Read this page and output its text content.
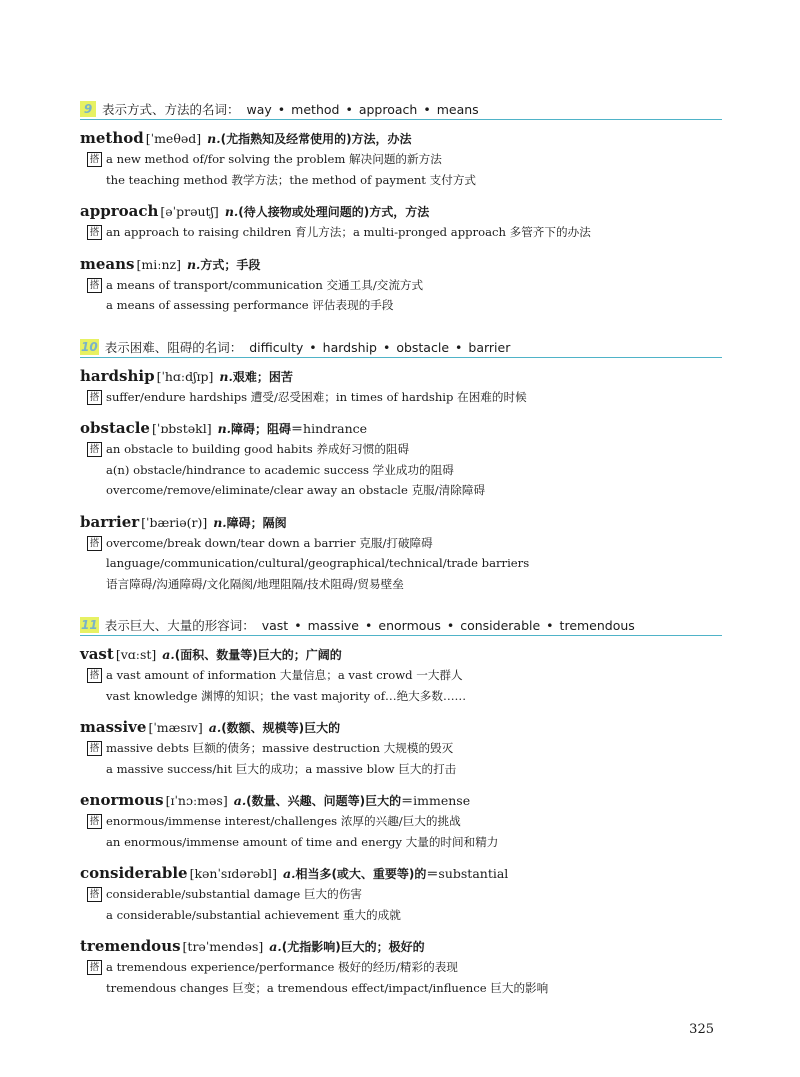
9 表示方式、方法的名词： way • method • approach • means
method [ˈmeθəd] n.(尤指熟知及经常使用的)方法，办法
搭 a new method of/for solving the problem 解决问题的新方法
the teaching method 教学方法；the method of payment 支付方式
approach [əˈprəutʃ] n.(待人接物或处理问题的)方式，方法
搭 an approach to raising children 育儿方法；a multi-pronged approach 多管齐下的办法
means [miːnz] n.方式；手段
搭 a means of transport/communication 交通工具/交流方式
a means of assessing performance 评估表现的手段
10 表示困难、阻碍的名词： difficulty • hardship • obstacle • barrier
hardship [ˈhɑːdʃɪp] n.艰难；困苦
搭 suffer/endure hardships 遭受/忍受困难；in times of hardship 在困难的时候
obstacle [ˈɒbstəkl] n.障碍；阻碍＝hindrance
搭 an obstacle to building good habits 养成好习惯的阻碍
a(n) obstacle/hindrance to academic success 学业成功的阻碍
overcome/remove/eliminate/clear away an obstacle 克服/清除障碍
barrier [ˈbæriə(r)] n.障碍；隔阂
搭 overcome/break down/tear down a barrier 克服/打破障碍
language/communication/cultural/geographical/technical/trade barriers
语言障碍/沟通障碍/文化隔阂/地理阻隔/技术阻碍/贸易壁垒
11 表示巨大、大量的形容词： vast • massive • enormous • considerable • tremendous
vast [vɑːst] a.(面积、数量等)巨大的；广阔的
搭 a vast amount of information 大量信息；a vast crowd 一大群人
vast knowledge 渊博的知识；the vast majority of…绝大多数……
massive [ˈmæsɪv] a.(数额、规模等)巨大的
搭 massive debts 巨额的债务；massive destruction 大规模的毁灭
a massive success/hit 巨大的成功；a massive blow 巨大的打击
enormous [ɪˈnɔːməs] a.(数量、兴趣、问题等)巨大的＝immense
搭 enormous/immense interest/challenges 浓厚的兴趣/巨大的挑战
an enormous/immense amount of time and energy 大量的时间和精力
considerable [kənˈsɪdərəbl] a.相当多(或大、重要等)的＝substantial
搭 considerable/substantial damage 巨大的伤害
a considerable/substantial achievement 重大的成就
tremendous [trəˈmendəs] a.(尤指影响)巨大的；极好的
搭 a tremendous experience/performance 极好的经历/精彩的表现
tremendous changes 巨变；a tremendous effect/impact/influence 巨大的影响
325
